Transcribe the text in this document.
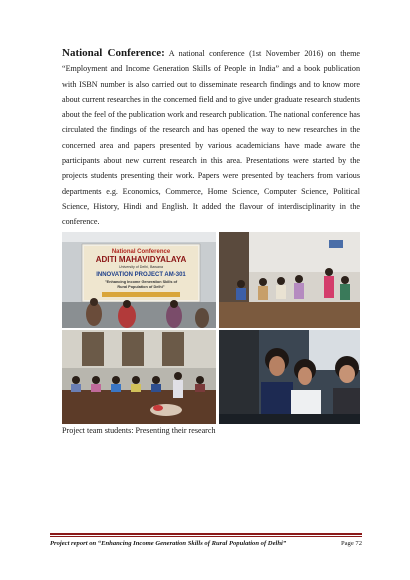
National Conference: A national conference (1st November 2016) on theme “Employment and Income Generation Skills of People in India” and a book publication with ISBN number is also carried out to disseminate research findings and to know more about current researches in the concerned field and to give under graduate research students about the feel of the publication work and research publication. The national conference has circulated the findings of the research and has opened the way to new researches in the concerned area and papers presented by various academicians have made aware the participants about new current research in this area. Presentations were started by the projects students presenting their work. Papers were presented by teachers from various departments e.g. Economics, Commerce, Home Science, Computer Science, Political Science, History, Hindi and English. It added the flavour of interdisciplinarity in the conference.

National Conference
ADITI MAHAVIDYALAYA
University of Delhi, Bawana
INNOVATION PROJECT AM-301
"Enhancing Income Generation Skills of
Rural Population of Delhi"
Project team students: Presenting their research
Project report on “Enhancing Income Generation Skills of Rural Population of Delhi”	Page 72
